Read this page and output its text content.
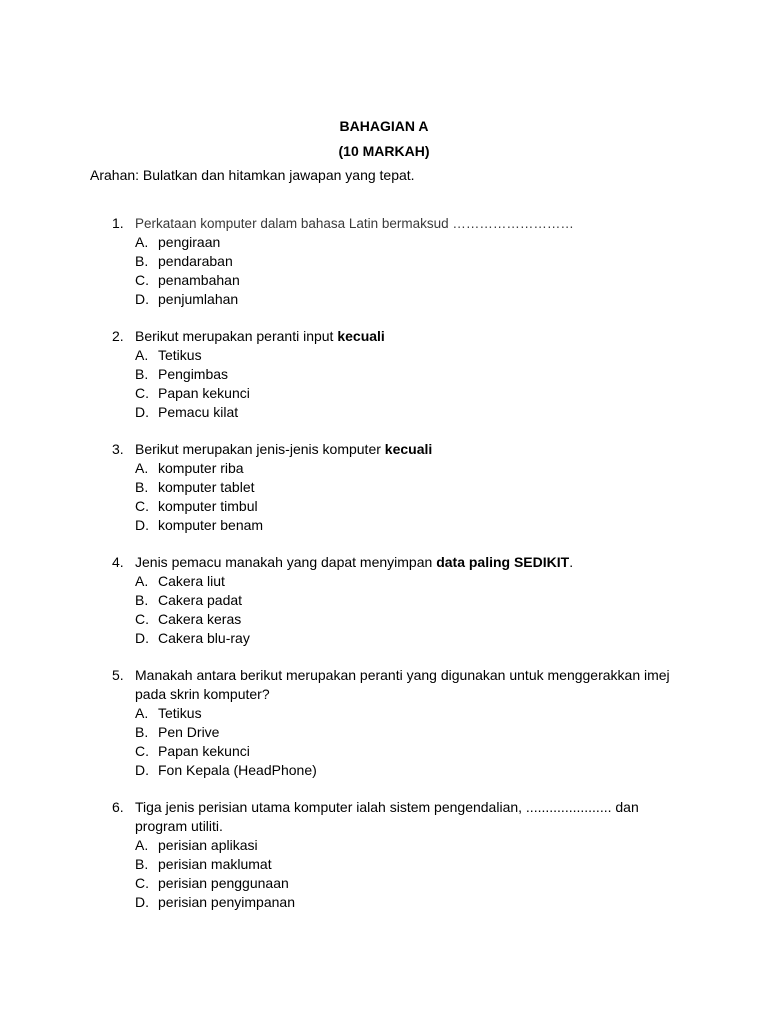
BAHAGIAN A
(10 MARKAH)
Arahan: Bulatkan dan hitamkan jawapan yang tepat.
1. Perkataan komputer dalam bahasa Latin bermaksud ………………………
A. pengiraan
B. pendaraban
C. penambahan
D. penjumlahan
2. Berikut merupakan peranti input kecuali
A. Tetikus
B. Pengimbas
C. Papan kekunci
D. Pemacu kilat
3. Berikut merupakan jenis-jenis komputer kecuali
A. komputer riba
B. komputer tablet
C. komputer timbul
D. komputer benam
4. Jenis pemacu manakah yang dapat menyimpan data paling SEDIKIT.
A. Cakera liut
B. Cakera padat
C. Cakera keras
D. Cakera blu-ray
5. Manakah antara berikut merupakan peranti yang digunakan untuk menggerakkan imej pada skrin komputer?
A. Tetikus
B. Pen Drive
C. Papan kekunci
D. Fon Kepala (HeadPhone)
6. Tiga jenis perisian utama komputer ialah sistem pengendalian, ...................... dan program utiliti.
A. perisian aplikasi
B. perisian maklumat
C. perisian penggunaan
D. perisian penyimpanan
